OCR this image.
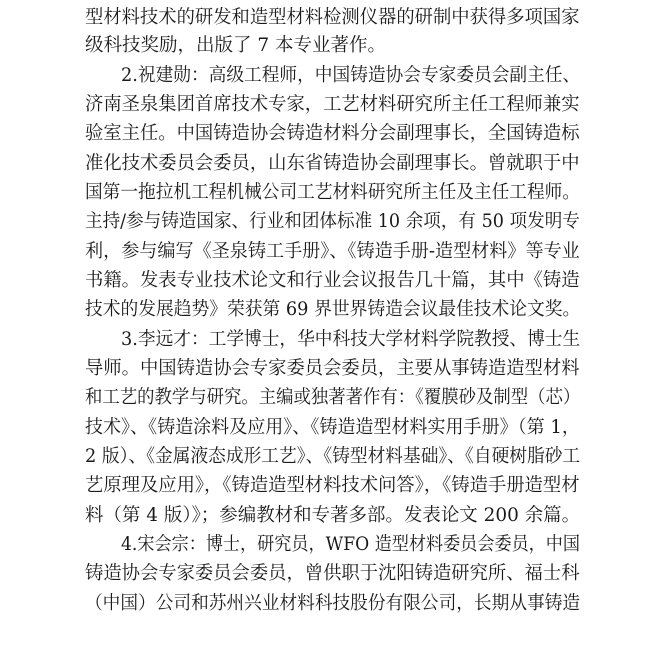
型材料技术的研发和造型材料检测仪器的研制中获得多项国家
级科技奖励，出版了 7 本专业著作。
2.祝建勋：高级工程师，中国铸造协会专家委员会副主任、
济南圣泉集团首席技术专家，工艺材料研究所主任工程师兼实
验室主任。中国铸造协会铸造材料分会副理事长，全国铸造标
准化技术委员会委员，山东省铸造协会副理事长。曾就职于中
国第一拖拉机工程机械公司工艺材料研究所主任及主任工程师。
主持/参与铸造国家、行业和团体标准 10 余项，有 50 项发明专
利，参与编写《圣泉铸工手册》、《铸造手册-造型材料》等专业
书籍。发表专业技术论文和行业会议报告几十篇，其中《铸造
技术的发展趋势》荣获第 69 界世界铸造会议最佳技术论文奖。
3.李远才：工学博士，华中科技大学材料学院教授、博士生
导师。中国铸造协会专家委员会委员，主要从事铸造造型材料
和工艺的教学与研究。主编或独著著作有：《覆膜砂及制型（芯）
技术》、《铸造涂料及应用》、《铸造造型材料实用手册》（第 1，
2 版）、《金属液态成形工艺》、《铸型材料基础》、《自硬树脂砂工
艺原理及应用》，《铸造造型材料技术问答》，《铸造手册造型材
料（第 4 版）》；参编教材和专著多部。发表论文 200 余篇。
4.宋会宗：博士，研究员，WFO 造型材料委员会委员，中国
铸造协会专家委员会委员，曾供职于沈阳铸造研究所、福士科
（中国）公司和苏州兴业材料科技股份有限公司，长期从事铸造
